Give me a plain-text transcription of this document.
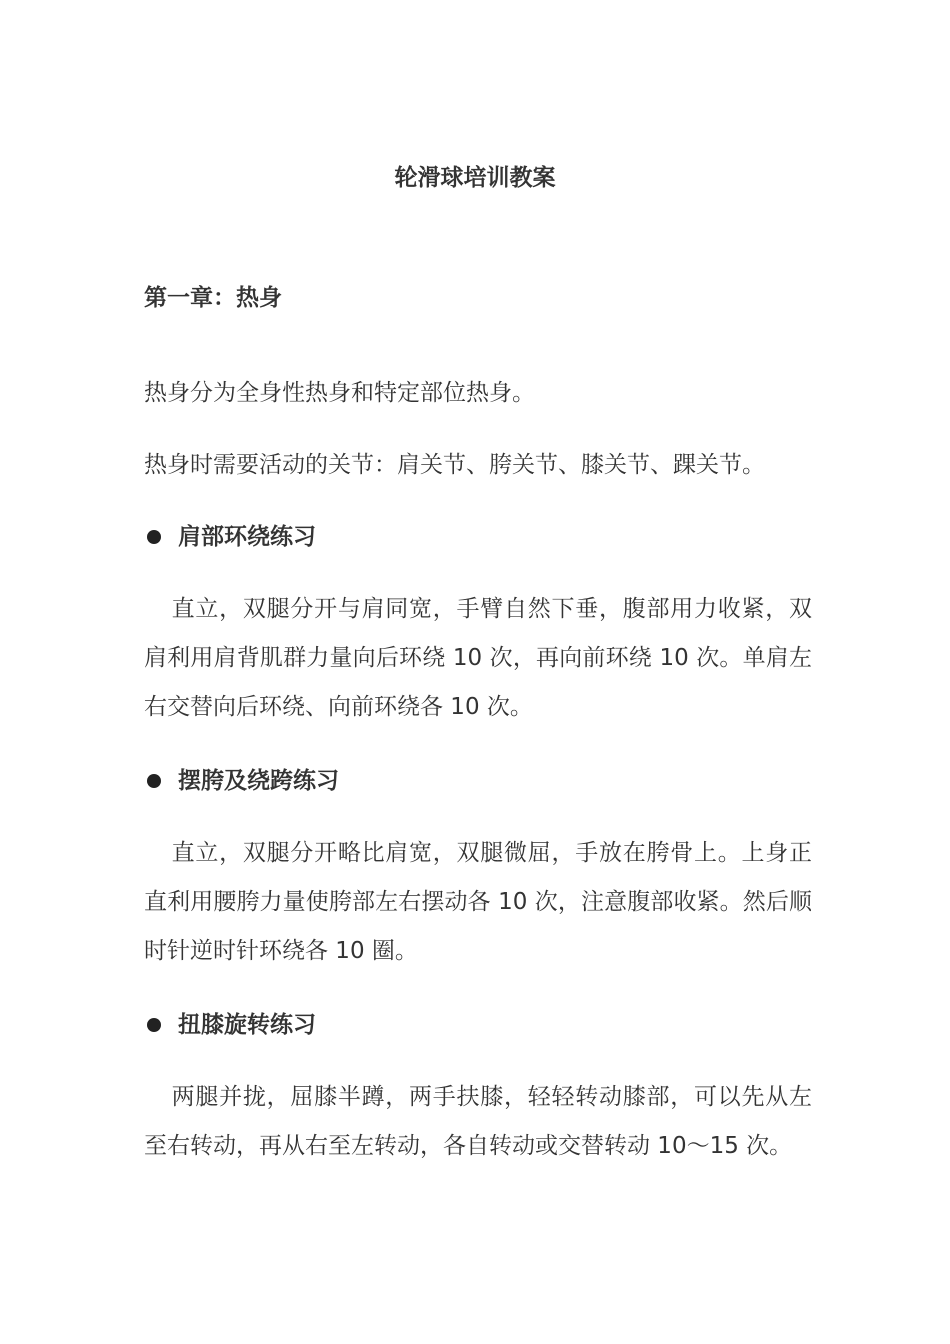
轮滑球培训教案
第一章：热身

热身分为全身性热身和特定部位热身。

热身时需要活动的关节：肩关节、胯关节、膝关节、踝关节。

肩部环绕练习

直立，双腿分开与肩同宽，手臂自然下垂，腹部用力收紧，双肩利用肩背肌群力量向后环绕 10 次，再向前环绕 10 次。单肩左右交替向后环绕、向前环绕各 10 次。

摆胯及绕跨练习

直立，双腿分开略比肩宽，双腿微屈，手放在胯骨上。上身正直利用腰胯力量使胯部左右摆动各 10 次，注意腹部收紧。然后顺时针逆时针环绕各 10 圈。

扭膝旋转练习

两腿并拢，屈膝半蹲，两手扶膝，轻轻转动膝部，可以先从左至右转动，再从右至左转动，各自转动或交替转动 10～15 次。
